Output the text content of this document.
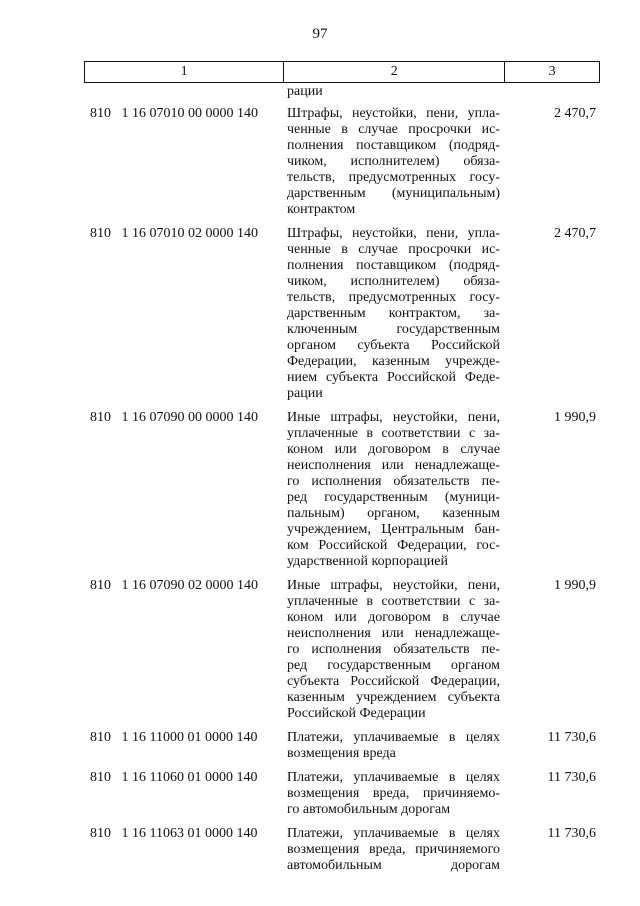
97
1	2	3
рации
810   1 16 07010 00 0000 140	Штрафы, неустойки, пени, упла-
ченные в случае просрочки ис-
полнения поставщиком (подряд-
чиком, исполнителем) обяза-
тельств, предусмотренных госу-
дарственным (муниципальным)
контрактом
2 470,7
810   1 16 07010 02 0000 140	Штрафы, неустойки, пени, упла-
ченные в случае просрочки ис-
полнения поставщиком (подряд-
чиком, исполнителем) обяза-
тельств, предусмотренных госу-
дарственным контрактом, за-
ключенным государственным
органом субъекта Российской
Федерации, казенным учрежде-
нием субъекта Российской Феде-
рации
2 470,7
810   1 16 07090 00 0000 140	Иные штрафы, неустойки, пени,
уплаченные в соответствии с за-
коном или договором в случае
неисполнения или ненадлежаще-
го исполнения обязательств пе-
ред государственным (муници-
пальным) органом, казенным
учреждением, Центральным бан-
ком Российской Федерации, гос-
ударственной корпорацией
1 990,9
810   1 16 07090 02 0000 140	Иные штрафы, неустойки, пени,
уплаченные в соответствии с за-
коном или договором в случае
неисполнения или ненадлежаще-
го исполнения обязательств пе-
ред государственным органом
субъекта Российской Федерации,
казенным учреждением субъекта
Российской Федерации
1 990,9
810   1 16 11000 01 0000 140	Платежи, уплачиваемые в целях
возмещения вреда
11 730,6
810   1 16 11060 01 0000 140	Платежи, уплачиваемые в целях
возмещения вреда, причиняемо-
го автомобильным дорогам
11 730,6
810   1 16 11063 01 0000 140	Платежи, уплачиваемые в целях
возмещения вреда, причиняемого
автомобильным дорогам
11 730,6
